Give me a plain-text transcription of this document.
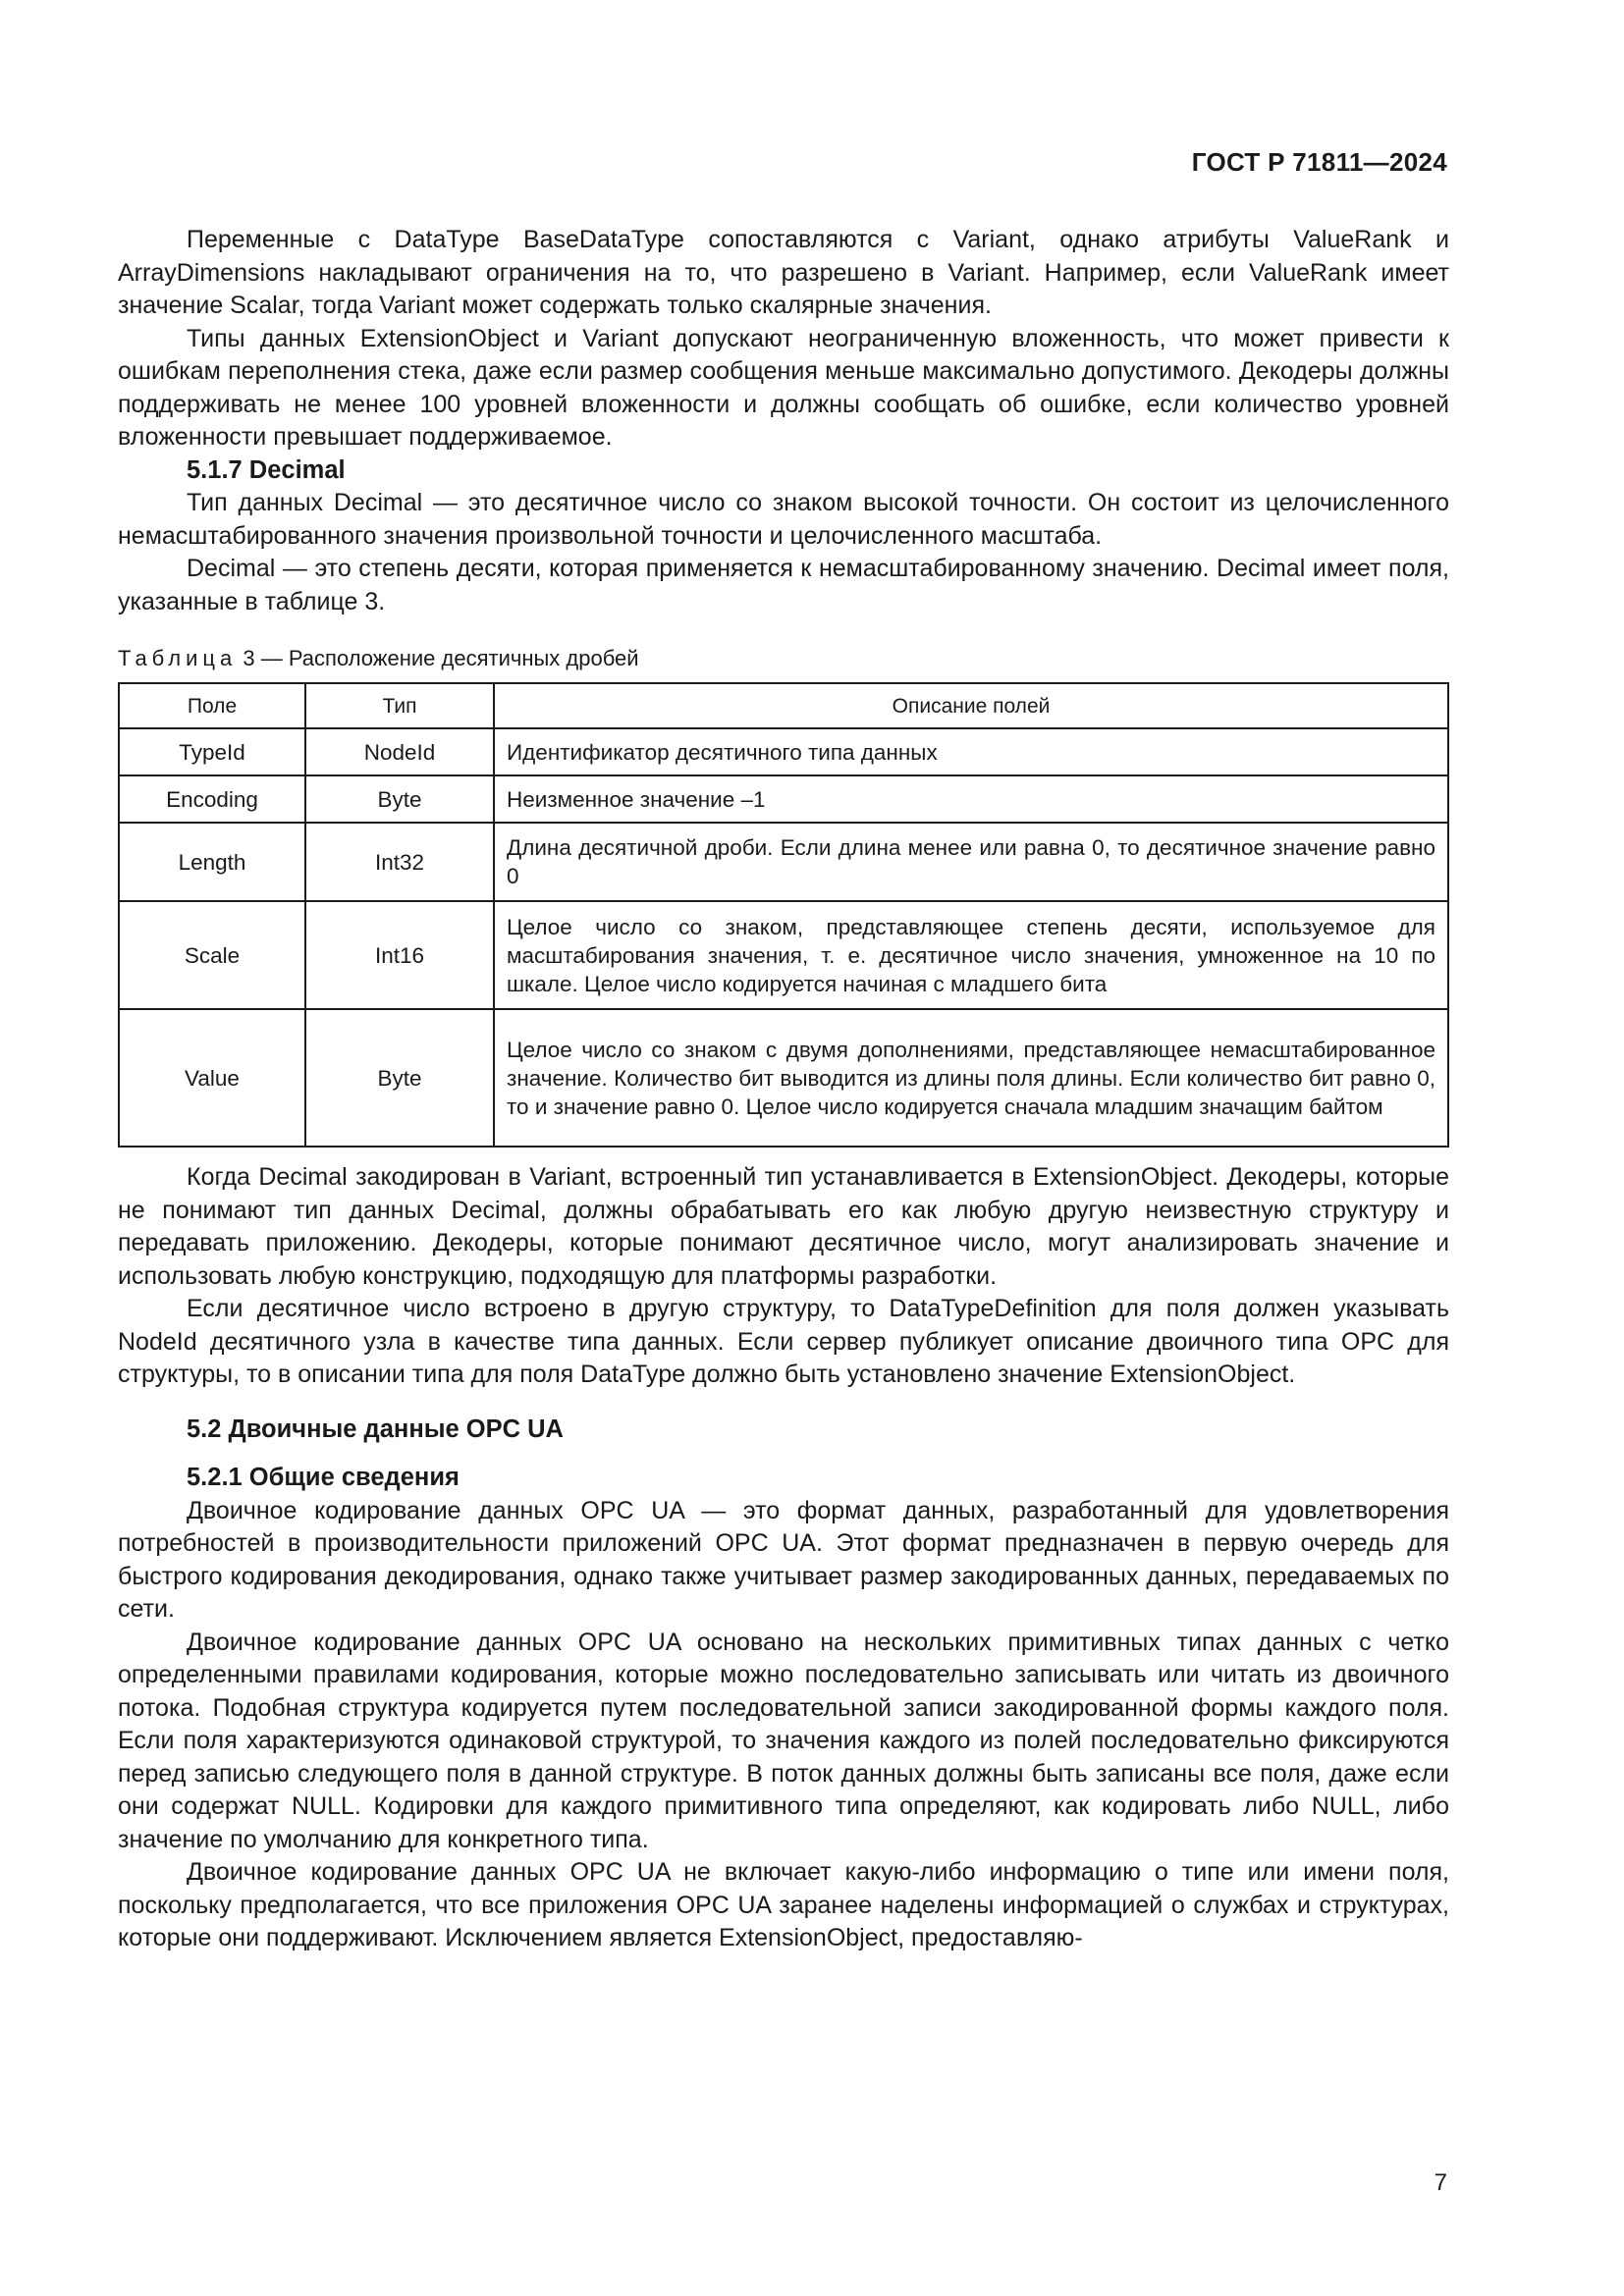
ГОСТ Р 71811—2024

Переменные с DataType BaseDataType сопоставляются с Variant, однако атрибуты ValueRank и ArrayDimensions накладывают ограничения на то, что разрешено в Variant. Например, если ValueRank имеет значение Scalar, тогда Variant может содержать только скалярные значения.

Типы данных ExtensionObject и Variant допускают неограниченную вложенность, что может привести к ошибкам переполнения стека, даже если размер сообщения меньше максимально допустимого. Декодеры должны поддерживать не менее 100 уровней вложенности и должны сообщать об ошибке, если количество уровней вложенности превышает поддерживаемое.

5.1.7 Decimal

Тип данных Decimal — это десятичное число со знаком высокой точности. Он состоит из целочисленного немасштабированного значения произвольной точности и целочисленного масштаба.

Decimal — это степень десяти, которая применяется к немасштабированному значению. Decimal имеет поля, указанные в таблице 3.

Таблица 3 — Расположение десятичных дробей
Поле	Тип	Описание полей
TypeId	NodeId	Идентификатор десятичного типа данных
Encoding	Byte	Неизменное значение –1
Length	Int32	Длина десятичной дроби. Если длина менее или равна 0, то десятичное значение равно 0
Scale	Int16	Целое число со знаком, представляющее степень десяти, используемое для масштабирования значения, т. е. десятичное число значения, умноженное на 10 по шкале. Целое число кодируется начиная с младшего бита
Value	Byte	Целое число со знаком с двумя дополнениями, представляющее немасштабированное значение. Количество бит выводится из длины поля длины. Если количество бит равно 0, то и значение равно 0. Целое число кодируется сначала младшим значащим байтом

Когда Decimal закодирован в Variant, встроенный тип устанавливается в ExtensionObject. Декодеры, которые не понимают тип данных Decimal, должны обрабатывать его как любую другую неизвестную структуру и передавать приложению. Декодеры, которые понимают десятичное число, могут анализировать значение и использовать любую конструкцию, подходящую для платформы разработки.

Если десятичное число встроено в другую структуру, то DataTypeDefinition для поля должен указывать NodeId десятичного узла в качестве типа данных. Если сервер публикует описание двоичного типа OPC для структуры, то в описании типа для поля DataType должно быть установлено значение ExtensionObject.

5.2 Двоичные данные OPC UA
5.2.1 Общие сведения

Двоичное кодирование данных OPC UA — это формат данных, разработанный для удовлетворения потребностей в производительности приложений OPC UA. Этот формат предназначен в первую очередь для быстрого кодирования декодирования, однако также учитывает размер закодированных данных, передаваемых по сети.

Двоичное кодирование данных OPC UA основано на нескольких примитивных типах данных с четко определенными правилами кодирования, которые можно последовательно записывать или читать из двоичного потока. Подобная структура кодируется путем последовательной записи закодированной формы каждого поля. Если поля характеризуются одинаковой структурой, то значения каждого из полей последовательно фиксируются перед записью следующего поля в данной структуре. В поток данных должны быть записаны все поля, даже если они содержат NULL. Кодировки для каждого примитивного типа определяют, как кодировать либо NULL, либо значение по умолчанию для конкретного типа.

Двоичное кодирование данных OPC UA не включает какую-либо информацию о типе или имени поля, поскольку предполагается, что все приложения OPC UA заранее наделены информацией о службах и структурах, которые они поддерживают. Исключением является ExtensionObject, предоставляю-

7
